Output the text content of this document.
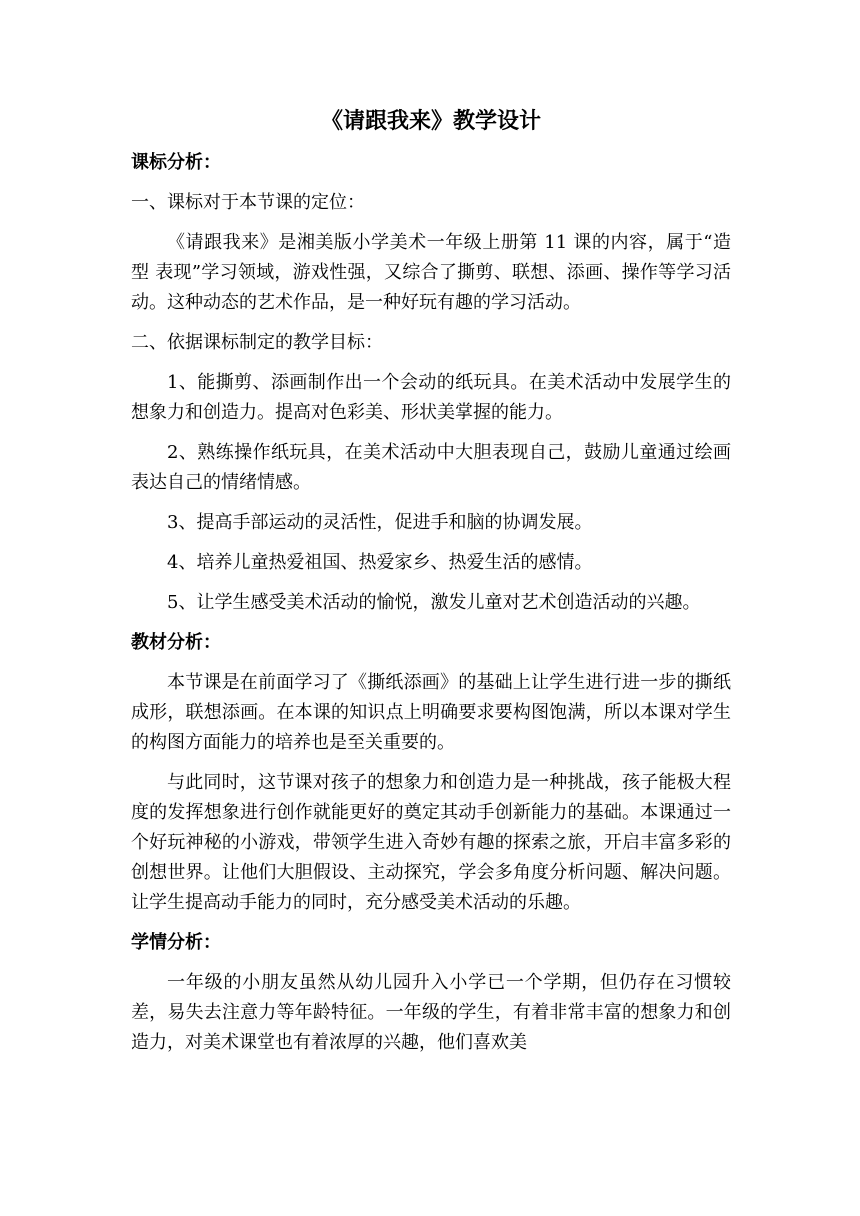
《请跟我来》教学设计
课标分析：
一、课标对于本节课的定位：
《请跟我来》是湘美版小学美术一年级上册第 11 课的内容，属于“造型 表现”学习领域，游戏性强，又综合了撕剪、联想、添画、操作等学习活动。这种动态的艺术作品，是一种好玩有趣的学习活动。
二、依据课标制定的教学目标：
1、能撕剪、添画制作出一个会动的纸玩具。在美术活动中发展学生的想象力和创造力。提高对色彩美、形状美掌握的能力。
2、熟练操作纸玩具，在美术活动中大胆表现自己，鼓励儿童通过绘画表达自己的情绪情感。
3、提高手部运动的灵活性，促进手和脑的协调发展。
4、培养儿童热爱祖国、热爱家乡、热爱生活的感情。
5、让学生感受美术活动的愉悦，激发儿童对艺术创造活动的兴趣。
教材分析：
本节课是在前面学习了《撕纸添画》的基础上让学生进行进一步的撕纸成形，联想添画。在本课的知识点上明确要求要构图饱满，所以本课对学生的构图方面能力的培养也是至关重要的。
与此同时，这节课对孩子的想象力和创造力是一种挑战，孩子能极大程度的发挥想象进行创作就能更好的奠定其动手创新能力的基础。本课通过一个好玩神秘的小游戏，带领学生进入奇妙有趣的探索之旅，开启丰富多彩的创想世界。让他们大胆假设、主动探究，学会多角度分析问题、解决问题。让学生提高动手能力的同时，充分感受美术活动的乐趣。
学情分析：
一年级的小朋友虽然从幼儿园升入小学已一个学期，但仍存在习惯较差，易失去注意力等年龄特征。一年级的学生，有着非常丰富的想象力和创造力，对美术课堂也有着浓厚的兴趣，他们喜欢美
